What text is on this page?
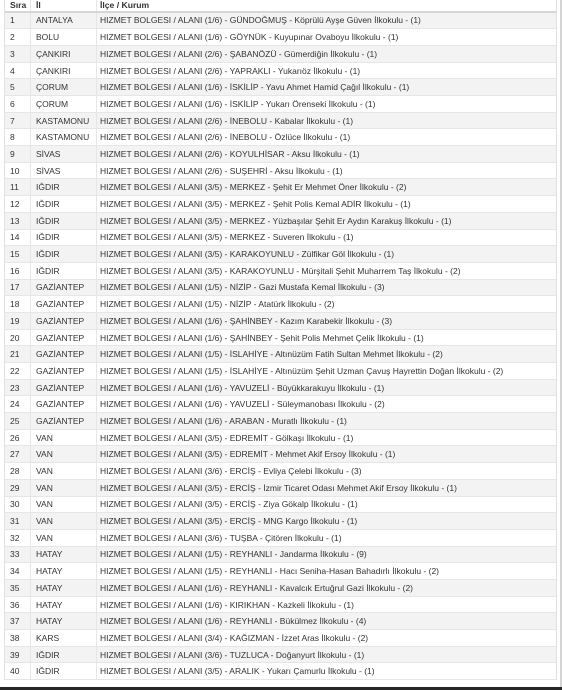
Sıra	İl	İlçe / Kurum
1	ANTALYA	HIZMET BOLGESI / ALANI (1/6) - GÜNDOĞMUŞ - Köprülü Ayşe Güven İlkokulu - (1)
2	BOLU	HIZMET BOLGESI / ALANI (1/6) - GÖYNÜK - Kuyupınar Ovaboyu İlkokulu - (1)
3	ÇANKIRI	HIZMET BOLGESI / ALANI (2/6) - ŞABANÖZÜ - Gümerdiğin İlkokulu - (1)
4	ÇANKIRI	HIZMET BOLGESI / ALANI (2/6) - YAPRAKLI - Yukarıöz İlkokulu - (1)
5	ÇORUM	HIZMET BOLGESI / ALANI (1/6) - İSKİLİP - Yavu Ahmet Hamid Çağıl İlkokulu - (1)
6	ÇORUM	HIZMET BOLGESI / ALANI (1/6) - İSKİLİP - Yukarı Örenseki İlkokulu - (1)
7	KASTAMONU	HIZMET BOLGESI / ALANI (2/6) - İNEBOLU - Kabalar İlkokulu - (1)
8	KASTAMONU	HIZMET BOLGESI / ALANI (2/6) - İNEBOLU - Özlüce İlkokulu - (1)
9	SİVAS	HIZMET BOLGESI / ALANI (2/6) - KOYULHİSAR - Aksu İlkokulu - (1)
10	SİVAS	HIZMET BOLGESI / ALANI (2/6) - SUŞEHRİ - Aksu İlkokulu - (1)
11	IĞDIR	HIZMET BOLGESI / ALANI (3/5) - MERKEZ - Şehit Er Mehmet Öner İlkokulu - (2)
12	IĞDIR	HIZMET BOLGESI / ALANI (3/5) - MERKEZ - Şehit Polis Kemal ADİR İlkokulu - (1)
13	IĞDIR	HIZMET BOLGESI / ALANI (3/5) - MERKEZ - Yüzbaşılar Şehit Er Aydın Karakuş İlkokulu - (1)
14	IĞDIR	HIZMET BOLGESI / ALANI (3/5) - MERKEZ - Suveren İlkokulu - (1)
15	IĞDIR	HIZMET BOLGESI / ALANI (3/5) - KARAKOYUNLU - Zülfikar Göl İlkokulu - (1)
16	IĞDIR	HIZMET BOLGESI / ALANI (3/5) - KARAKOYUNLU - Mürşitali Şehit Muharrem Taş İlkokulu - (2)
17	GAZİANTEP	HIZMET BOLGESI / ALANI (1/5) - NİZİP - Gazi Mustafa Kemal İlkokulu - (3)
18	GAZİANTEP	HIZMET BOLGESI / ALANI (1/5) - NİZİP - Atatürk İlkokulu - (2)
19	GAZİANTEP	HIZMET BOLGESI / ALANI (1/6) - ŞAHİNBEY - Kazım Karabekir İlkokulu - (3)
20	GAZİANTEP	HIZMET BOLGESI / ALANI (1/6) - ŞAHİNBEY - Şehit Polis Mehmet Çelik İlkokulu - (1)
21	GAZİANTEP	HIZMET BOLGESI / ALANI (1/5) - İSLAHİYE - Altınüzüm Fatih Sultan Mehmet İlkokulu - (2)
22	GAZİANTEP	HIZMET BOLGESI / ALANI (1/5) - İSLAHİYE - Altınüzüm Şehit Uzman Çavuş Hayrettin Doğan İlkokulu - (2)
23	GAZİANTEP	HIZMET BOLGESI / ALANI (1/6) - YAVUZELİ - Büyükkarakuyu İlkokulu - (1)
24	GAZİANTEP	HIZMET BOLGESI / ALANI (1/6) - YAVUZELİ - Süleymanobası İlkokulu - (2)
25	GAZİANTEP	HIZMET BOLGESI / ALANI (1/6) - ARABAN - Muratlı İlkokulu - (1)
26	VAN	HIZMET BOLGESI / ALANI (3/5) - EDREMİT - Gölkaşı İlkokulu - (1)
27	VAN	HIZMET BOLGESI / ALANI (3/5) - EDREMİT - Mehmet Akif Ersoy İlkokulu - (1)
28	VAN	HIZMET BOLGESI / ALANI (3/6) - ERCİŞ - Evliya Çelebi İlkokulu - (3)
29	VAN	HIZMET BOLGESI / ALANI (3/5) - ERCİŞ - İzmir Ticaret Odası Mehmet Akif Ersoy İlkokulu - (1)
30	VAN	HIZMET BOLGESI / ALANI (3/5) - ERCİŞ - Ziya Gökalp İlkokulu - (1)
31	VAN	HIZMET BOLGESI / ALANI (3/5) - ERCİŞ - MNG Kargo İlkokulu - (1)
32	VAN	HIZMET BOLGESI / ALANI (3/6) - TUŞBA - Çitören İlkokulu - (1)
33	HATAY	HIZMET BOLGESI / ALANI (1/5) - REYHANLI - Jandarma İlkokulu - (9)
34	HATAY	HIZMET BOLGESI / ALANI (1/5) - REYHANLI - Hacı Seniha-Hasan Bahadırlı İlkokulu - (2)
35	HATAY	HIZMET BOLGESI / ALANI (1/6) - REYHANLI - Kavalcık Ertuğrul Gazi İlkokulu - (2)
36	HATAY	HIZMET BOLGESI / ALANI (1/6) - KIRIKHAN - Kazkeli İlkokulu - (1)
37	HATAY	HIZMET BOLGESI / ALANI (1/6) - REYHANLI - Bükülmez İlkokulu - (4)
38	KARS	HIZMET BOLGESI / ALANI (3/4) - KAĞIZMAN - İzzet Aras İlkokulu - (2)
39	IĞDIR	HIZMET BOLGESI / ALANI (3/6) - TUZLUCA - Doğanyurt İlkokulu - (1)
40	IĞDIR	HIZMET BOLGESI / ALANI (3/5) - ARALIK - Yukarı Çamurlu İlkokulu - (1)
